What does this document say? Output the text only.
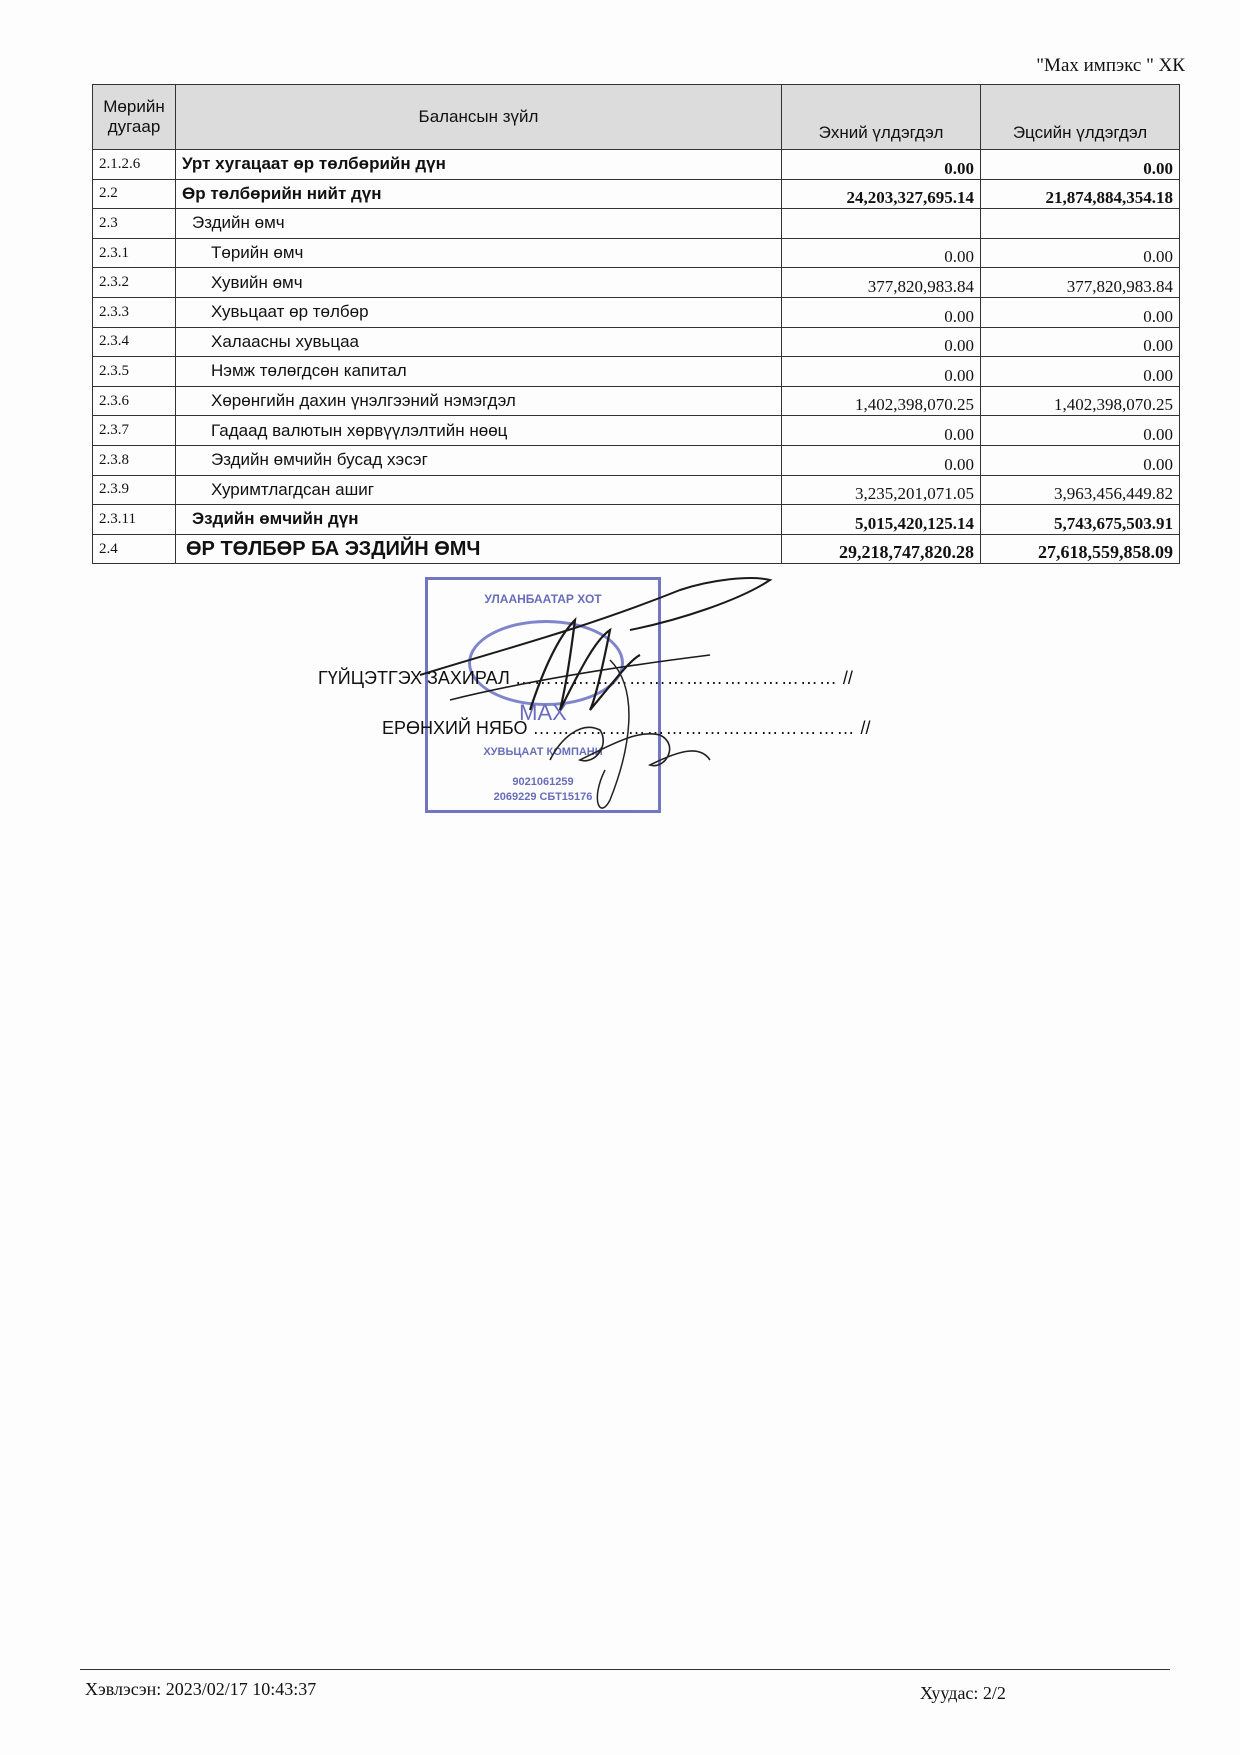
"Мах импэкс " ХК
Мөрийн дугаар	Балансын зүйл	Эхний үлдэгдэл	Эцсийн үлдэгдэл
2.1.2.6	Урт хугацаат өр төлбөрийн дүн	0.00	0.00
2.2	Өр төлбөрийн нийт дүн	24,203,327,695.14	21,874,884,354.18
2.3	Эздийн өмч		
2.3.1	Төрийн өмч	0.00	0.00
2.3.2	Хувийн өмч	377,820,983.84	377,820,983.84
2.3.3	Хувьцаат өр төлбөр	0.00	0.00
2.3.4	Халаасны хувьцаа	0.00	0.00
2.3.5	Нэмж төлөгдсөн капитал	0.00	0.00
2.3.6	Хөрөнгийн дахин үнэлгээний нэмэгдэл	1,402,398,070.25	1,402,398,070.25
2.3.7	Гадаад валютын хөрвүүлэлтийн нөөц	0.00	0.00
2.3.8	Эздийн өмчийн бусад хэсэг	0.00	0.00
2.3.9	Хуримтлагдсан ашиг	3,235,201,071.05	3,963,456,449.82
2.3.11	Эздийн өмчийн дүн	5,015,420,125.14	5,743,675,503.91
2.4	ӨР ТӨЛБӨР БА ЭЗДИЙН ӨМЧ	29,218,747,820.28	27,618,559,858.09
УЛААНБААТАР ХОТ
МАХ
ХУВЬЦААТ КОМПАНИ
9021061259
2069229 СБТ15176
ГҮЙЦЭТГЭХ ЗАХИРАЛ …………………………………………… //
ЕРӨНХИЙ НЯБО …………………………………………… //
Хэвлэсэн: 2023/02/17 10:43:37	Хуудас: 2/2
